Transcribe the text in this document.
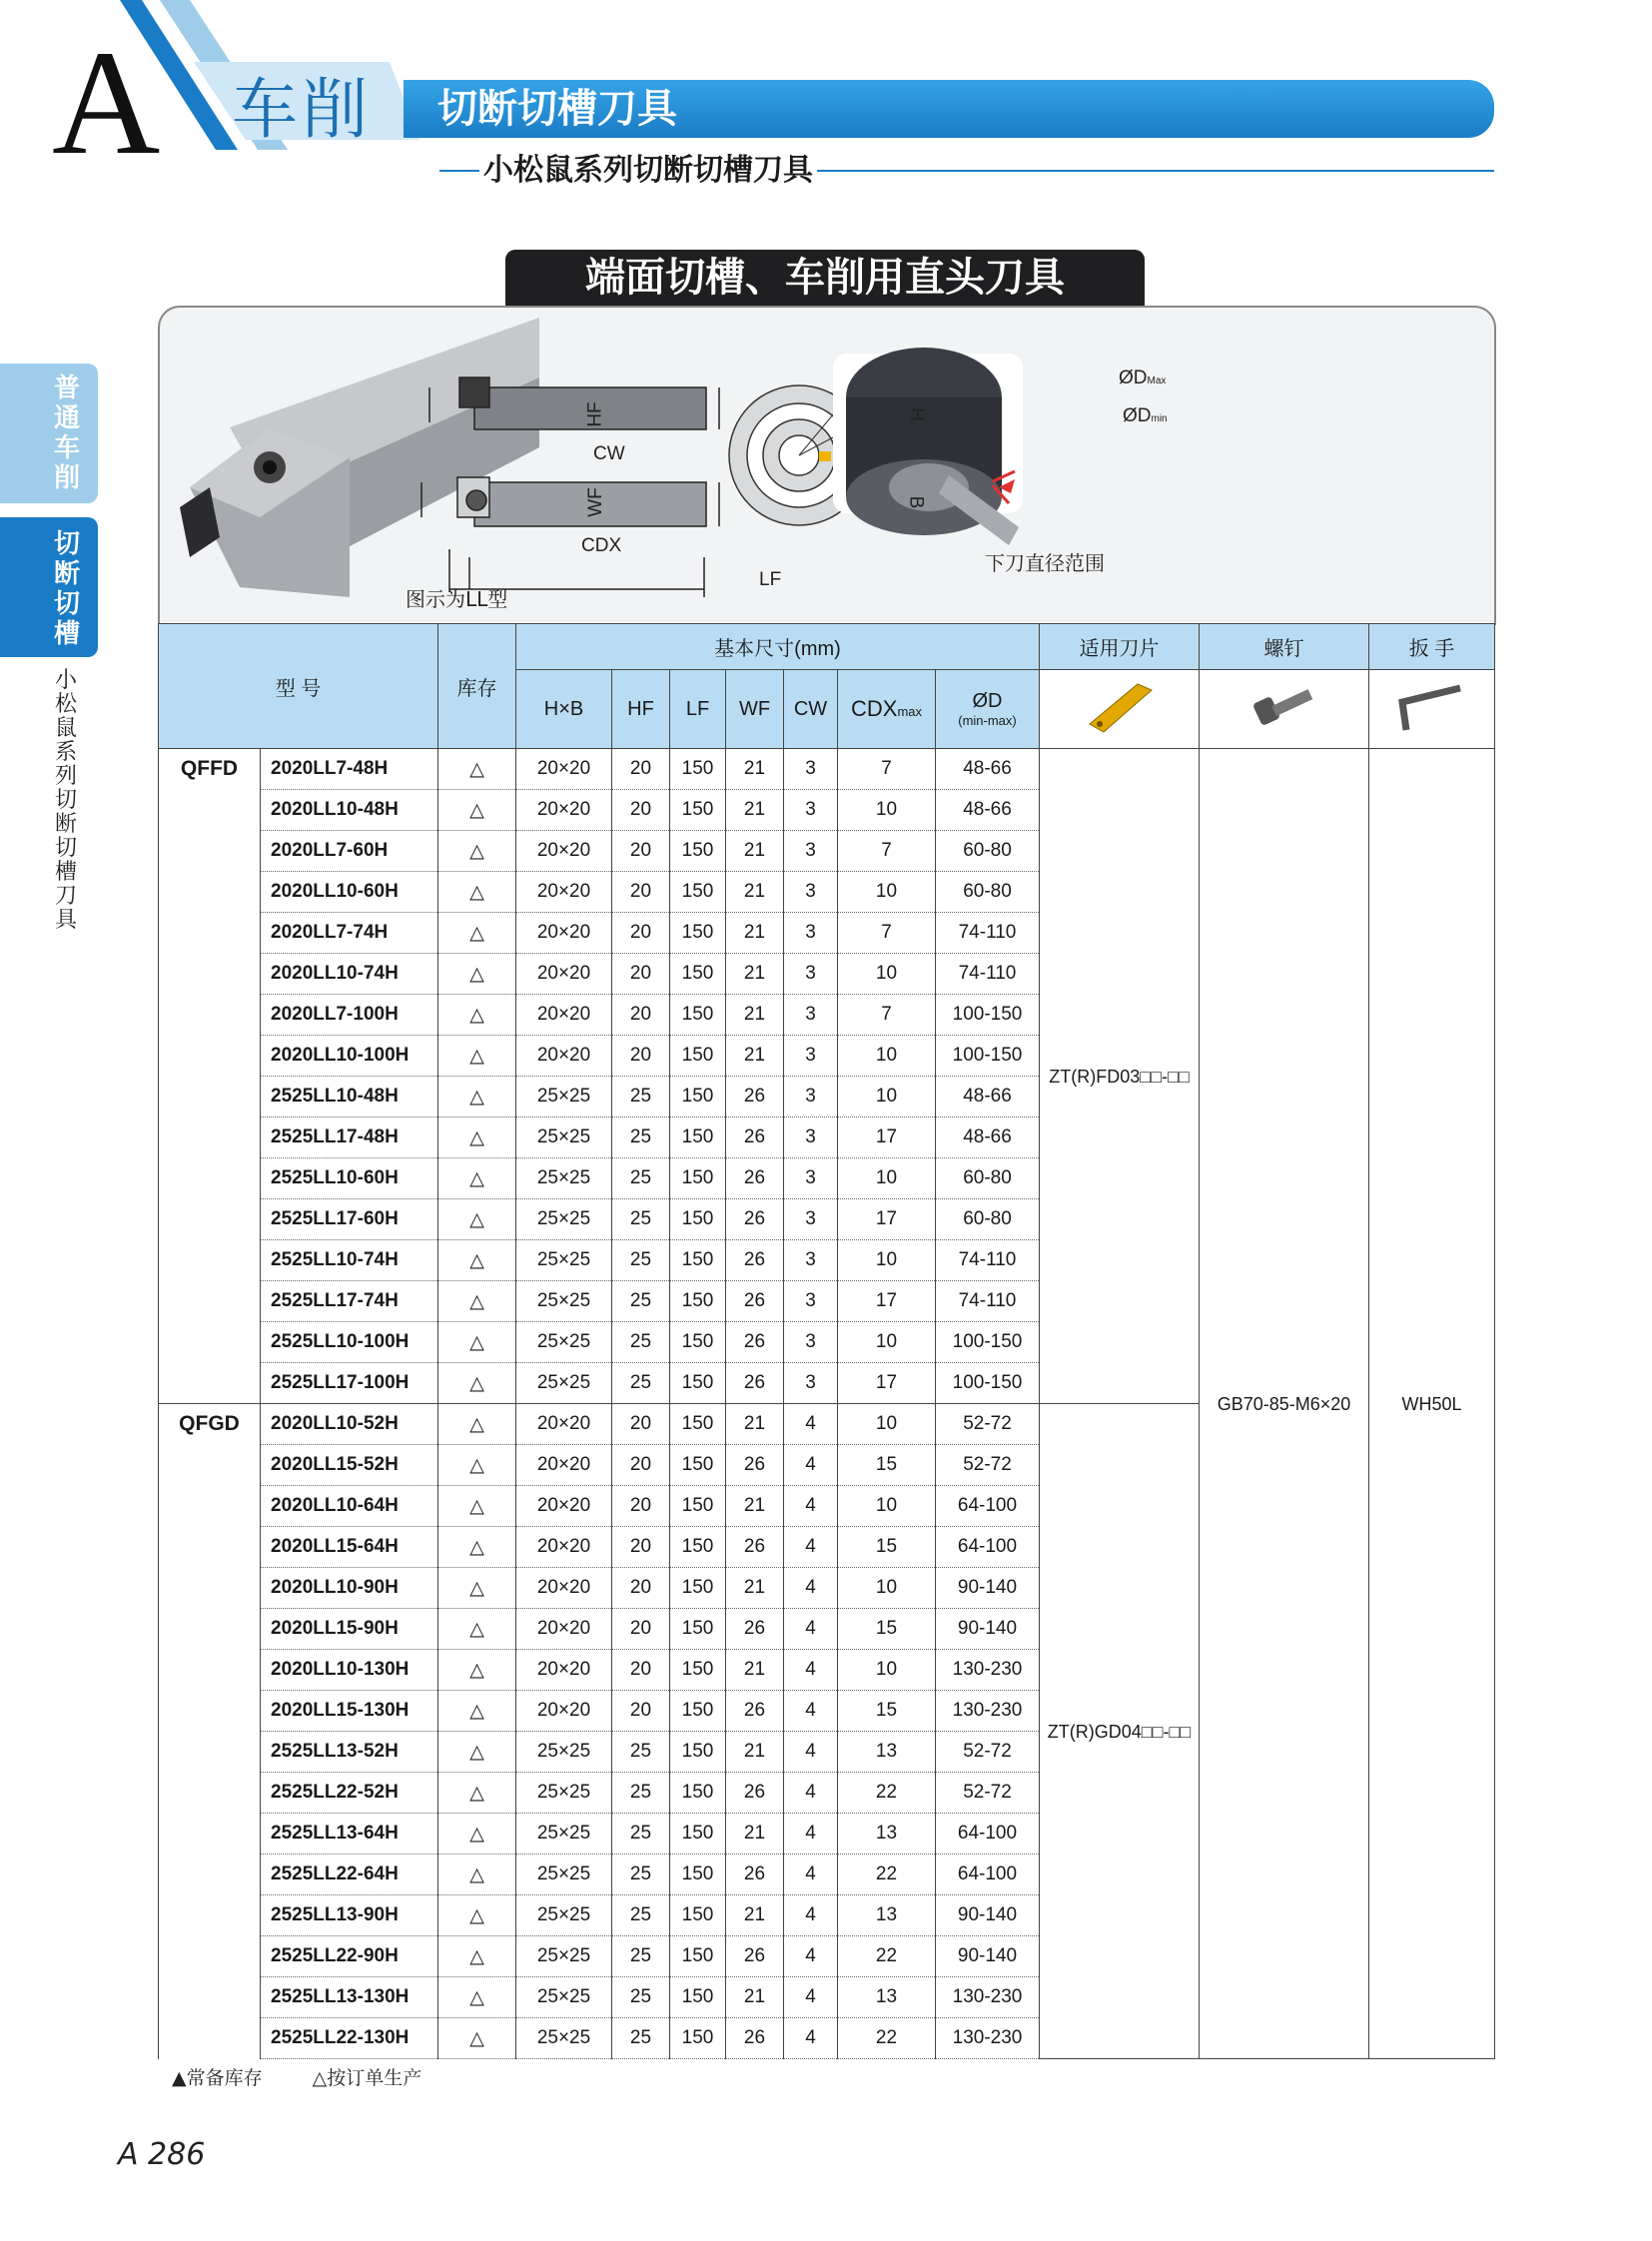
A 车削 切断切槽刀具
小松鼠系列切断切槽刀具
普通车削
切断切槽
小松鼠系列切断切槽刀具
端面切槽、车削用直头刀具
HF	H
CW
WF	B
CDX
LF
ØDMax
ØDmin
图示为LL型
下刀直径范围
型 号		库存	基本尺寸(mm)							适用刀片	螺钉	扳 手
			H×B	HF	LF	WF	CW	CDXmax	ØD
(min-max)

QFFD	2020LL7-48H	△	20×20	20	150	21	3	7	48-66	ZT(R)FD03□□-□□	GB70-85-M6×20	WH50L
	2020LL10-48H	△	20×20	20	150	21	3	10	48-66			
	2020LL7-60H	△	20×20	20	150	21	3	7	60-80			
	2020LL10-60H	△	20×20	20	150	21	3	10	60-80			
	2020LL7-74H	△	20×20	20	150	21	3	7	74-110			
	2020LL10-74H	△	20×20	20	150	21	3	10	74-110			
	2020LL7-100H	△	20×20	20	150	21	3	7	100-150			
	2020LL10-100H	△	20×20	20	150	21	3	10	100-150			
	2525LL10-48H	△	25×25	25	150	26	3	10	48-66			
	2525LL17-48H	△	25×25	25	150	26	3	17	48-66			
	2525LL10-60H	△	25×25	25	150	26	3	10	60-80			
	2525LL17-60H	△	25×25	25	150	26	3	17	60-80			
	2525LL10-74H	△	25×25	25	150	26	3	10	74-110			
	2525LL17-74H	△	25×25	25	150	26	3	17	74-110			
	2525LL10-100H	△	25×25	25	150	26	3	10	100-150			
	2525LL17-100H	△	25×25	25	150	26	3	17	100-150			
QFGD	2020LL10-52H	△	20×20	20	150	21	4	10	52-72	ZT(R)GD04□□-□□		
	2020LL15-52H	△	20×20	20	150	26	4	15	52-72			
	2020LL10-64H	△	20×20	20	150	21	4	10	64-100			
	2020LL15-64H	△	20×20	20	150	26	4	15	64-100			
	2020LL10-90H	△	20×20	20	150	21	4	10	90-140			
	2020LL15-90H	△	20×20	20	150	26	4	15	90-140			
	2020LL10-130H	△	20×20	20	150	21	4	10	130-230			
	2020LL15-130H	△	20×20	20	150	26	4	15	130-230			
	2525LL13-52H	△	25×25	25	150	21	4	13	52-72			
	2525LL22-52H	△	25×25	25	150	26	4	22	52-72			
	2525LL13-64H	△	25×25	25	150	21	4	13	64-100			
	2525LL22-64H	△	25×25	25	150	26	4	22	64-100			
	2525LL13-90H	△	25×25	25	150	21	4	13	90-140			
	2525LL22-90H	△	25×25	25	150	26	4	22	90-140			
	2525LL13-130H	△	25×25	25	150	21	4	13	130-230			
	2525LL22-130H	△	25×25	25	150	26	4	22	130-230			
▲常备库存	△按订单生产
A 286
